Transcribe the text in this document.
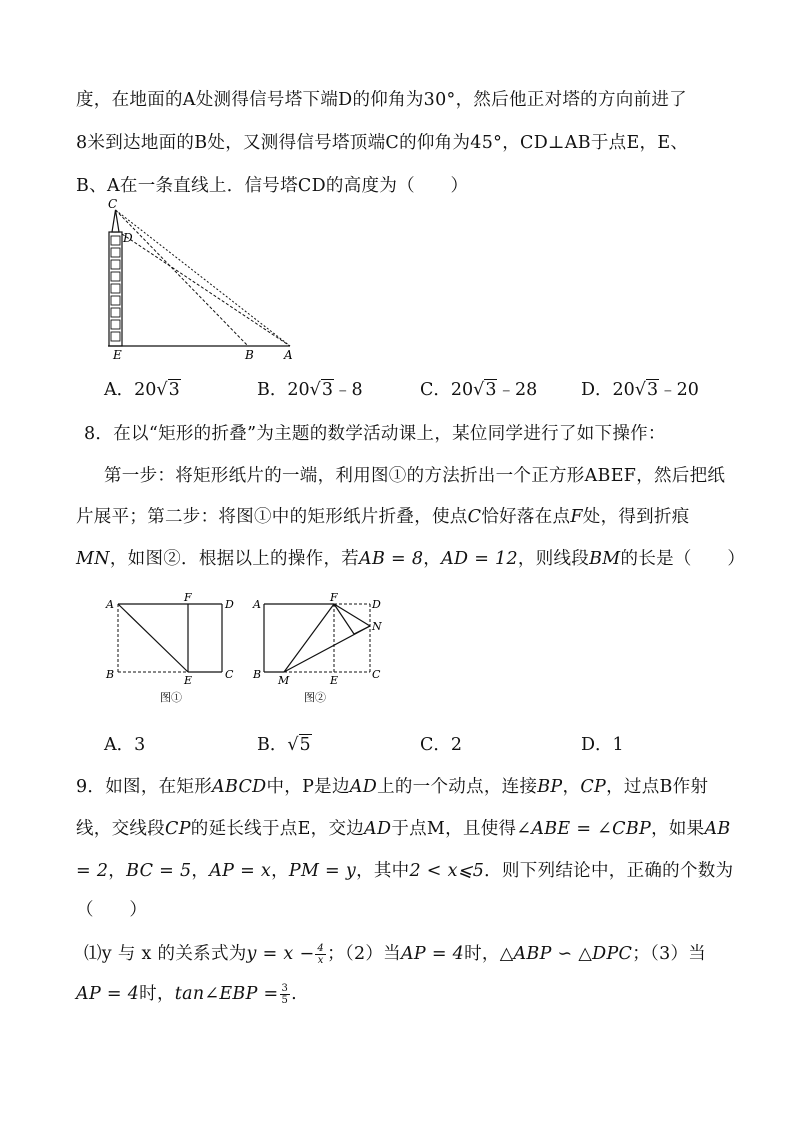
度，在地面的A处测得信号塔下端D的仰角为30°，然后他正对塔的方向前进了
8米到达地面的B处，又测得信号塔顶端C的仰角为45°，CD⊥AB于点E，E、
B、A在一条直线上．信号塔CD的高度为（　　）
C
D
E	B	A
A．20√3	B．20√3﹣8	C．20√3﹣28	D．20√3﹣20
8．在以“矩形的折叠”为主题的数学活动课上，某位同学进行了如下操作：
第一步：将矩形纸片的一端，利用图①的方法折出一个正方形ABEF，然后把纸
片展平；第二步：将图①中的矩形纸片折叠，使点C恰好落在点F处，得到折痕
MN，如图②．根据以上的操作，若AB = 8，AD = 12，则线段BM的长是（　　）
A
F
D
B	E	C
图①
A
F
D
N
B M	E	C
图②
A．3	B．√5	C．2	D．1
9．如图，在矩形ABCD中，P是边AD上的一个动点，连接BP，CP，过点B作射
线，交线段CP的延长线于点E，交边AD于点M，且使得∠ABE = ∠CBP，如果AB
= 2，BC = 5，AP = x，PM = y，其中2 < x⩽5．则下列结论中，正确的个数为
（　　）
⑴y 与 x 的关系式为$y = x - \frac{4}{x}$ ；（2）当AP = 4时，△ABP ∽ △DPC；（3）当
AP = 4时，tan∠EBP = $\frac{3}{5}$ .
